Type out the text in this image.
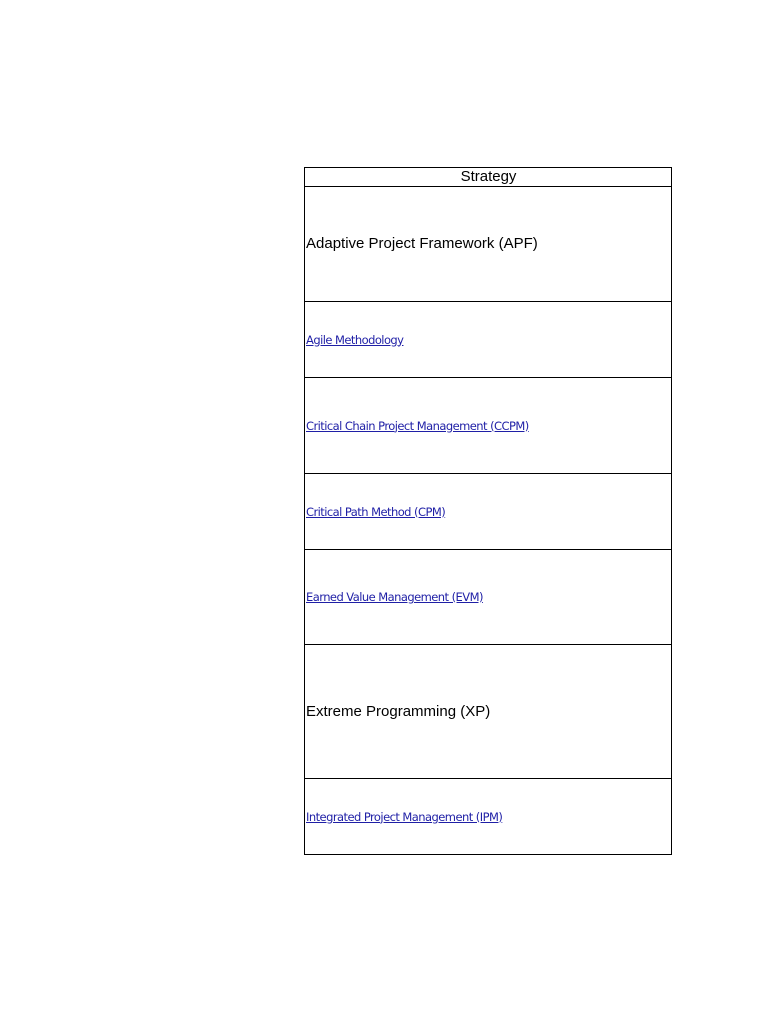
Strategy
Adaptive Project Framework (APF)
Agile Methodology
Critical Chain Project Management (CCPM)
Critical Path Method (CPM)
Earned Value Management (EVM)
Extreme Programming (XP)
Integrated Project Management (IPM)
